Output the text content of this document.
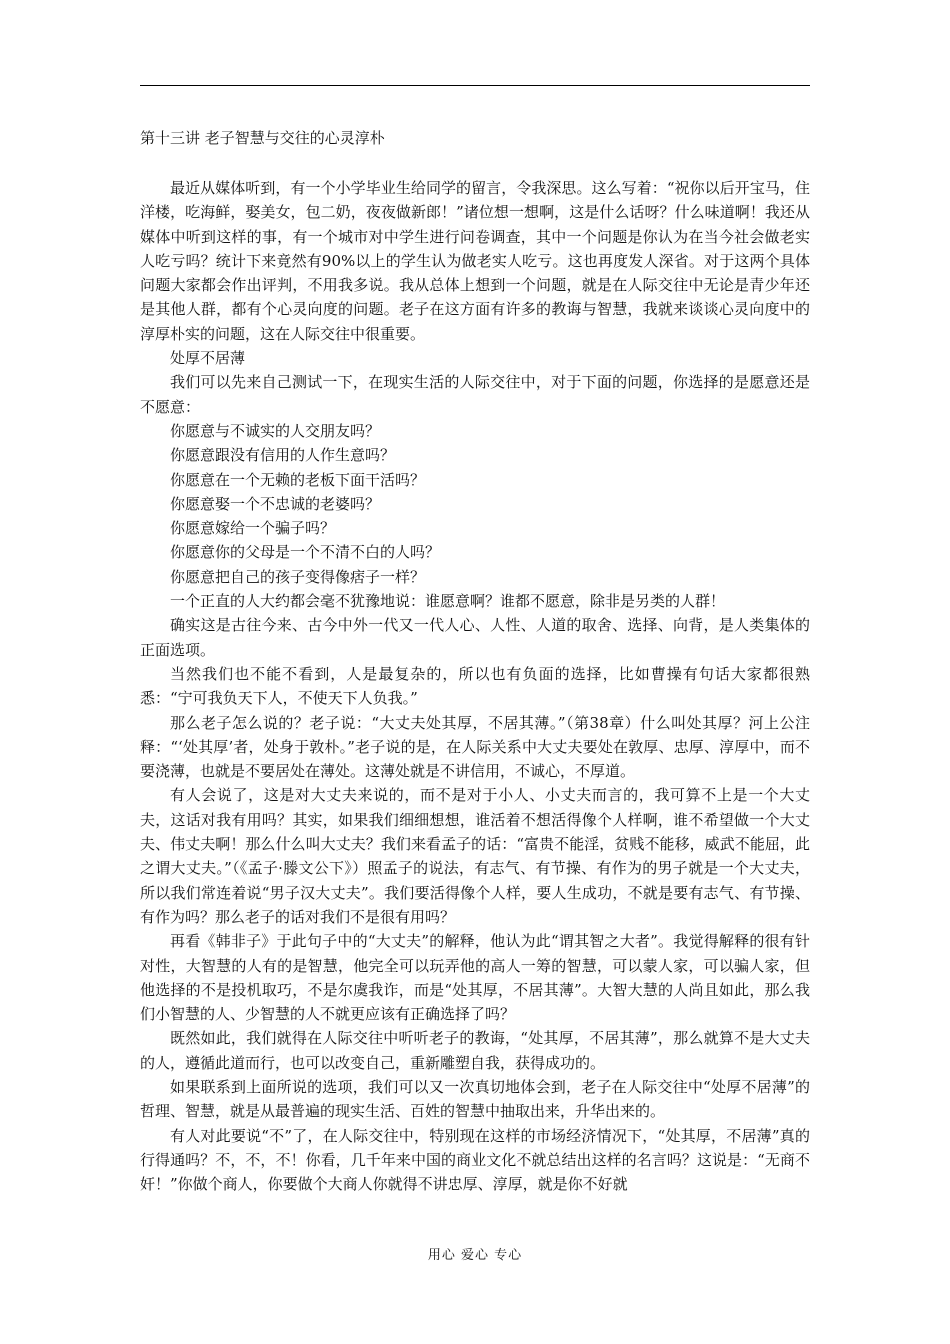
第十三讲 老子智慧与交往的心灵淳朴

最近从媒体听到，有一个小学毕业生给同学的留言，令我深思。这么写着：“祝你以后开宝马，住洋楼，吃海鲜，娶美女，包二奶，夜夜做新郎！”诸位想一想啊，这是什么话呀？什么味道啊！我还从媒体中听到这样的事，有一个城市对中学生进行问卷调查，其中一个问题是你认为在当今社会做老实人吃亏吗？统计下来竟然有90%以上的学生认为做老实人吃亏。这也再度发人深省。对于这两个具体问题大家都会作出评判，不用我多说。我从总体上想到一个问题，就是在人际交往中无论是青少年还是其他人群，都有个心灵向度的问题。老子在这方面有许多的教诲与智慧，我就来谈谈心灵向度中的淳厚朴实的问题，这在人际交往中很重要。

处厚不居薄

我们可以先来自己测试一下，在现实生活的人际交往中，对于下面的问题，你选择的是愿意还是不愿意：

你愿意与不诚实的人交朋友吗？

你愿意跟没有信用的人作生意吗？

你愿意在一个无赖的老板下面干活吗？

你愿意娶一个不忠诚的老婆吗？

你愿意嫁给一个骗子吗？

你愿意你的父母是一个不清不白的人吗？

你愿意把自己的孩子变得像痞子一样？

一个正直的人大约都会毫不犹豫地说：谁愿意啊？谁都不愿意，除非是另类的人群！

确实这是古往今来、古今中外一代又一代人心、人性、人道的取舍、选择、向背，是人类集体的正面选项。

当然我们也不能不看到，人是最复杂的，所以也有负面的选择，比如曹操有句话大家都很熟悉：“宁可我负天下人，不使天下人负我。”

那么老子怎么说的？老子说：“大丈夫处其厚，不居其薄。”（第38章）什么叫处其厚？河上公注释：“‘处其厚’者，处身于敦朴。”老子说的是，在人际关系中大丈夫要处在敦厚、忠厚、淳厚中，而不要浇薄，也就是不要居处在薄处。这薄处就是不讲信用，不诚心，不厚道。

有人会说了，这是对大丈夫来说的，而不是对于小人、小丈夫而言的，我可算不上是一个大丈夫，这话对我有用吗？其实，如果我们细细想想，谁活着不想活得像个人样啊，谁不希望做一个大丈夫、伟丈夫啊！那么什么叫大丈夫？我们来看孟子的话：“富贵不能淫，贫贱不能移，威武不能屈，此之谓大丈夫。”（《孟子·滕文公下》）照孟子的说法，有志气、有节操、有作为的男子就是一个大丈夫，所以我们常连着说“男子汉大丈夫”。我们要活得像个人样，要人生成功，不就是要有志气、有节操、有作为吗？那么老子的话对我们不是很有用吗？

再看《韩非子》于此句子中的“大丈夫”的解释，他认为此“谓其智之大者”。我觉得解释的很有针对性，大智慧的人有的是智慧，他完全可以玩弄他的高人一筹的智慧，可以蒙人家，可以骗人家，但他选择的不是投机取巧，不是尔虞我诈，而是“处其厚，不居其薄”。大智大慧的人尚且如此，那么我们小智慧的人、少智慧的人不就更应该有正确选择了吗？

既然如此，我们就得在人际交往中听听老子的教诲，“处其厚，不居其薄”，那么就算不是大丈夫的人，遵循此道而行，也可以改变自己，重新雕塑自我，获得成功的。

如果联系到上面所说的选项，我们可以又一次真切地体会到，老子在人际交往中“处厚不居薄”的哲理、智慧，就是从最普遍的现实生活、百姓的智慧中抽取出来，升华出来的。

有人对此要说“不”了，在人际交往中，特别现在这样的市场经济情况下，“处其厚，不居薄”真的行得通吗？不，不，不！你看，几千年来中国的商业文化不就总结出这样的名言吗？这说是：“无商不奸！”你做个商人，你要做个大商人你就得不讲忠厚、淳厚，就是你不好就

用心 爱心 专心
